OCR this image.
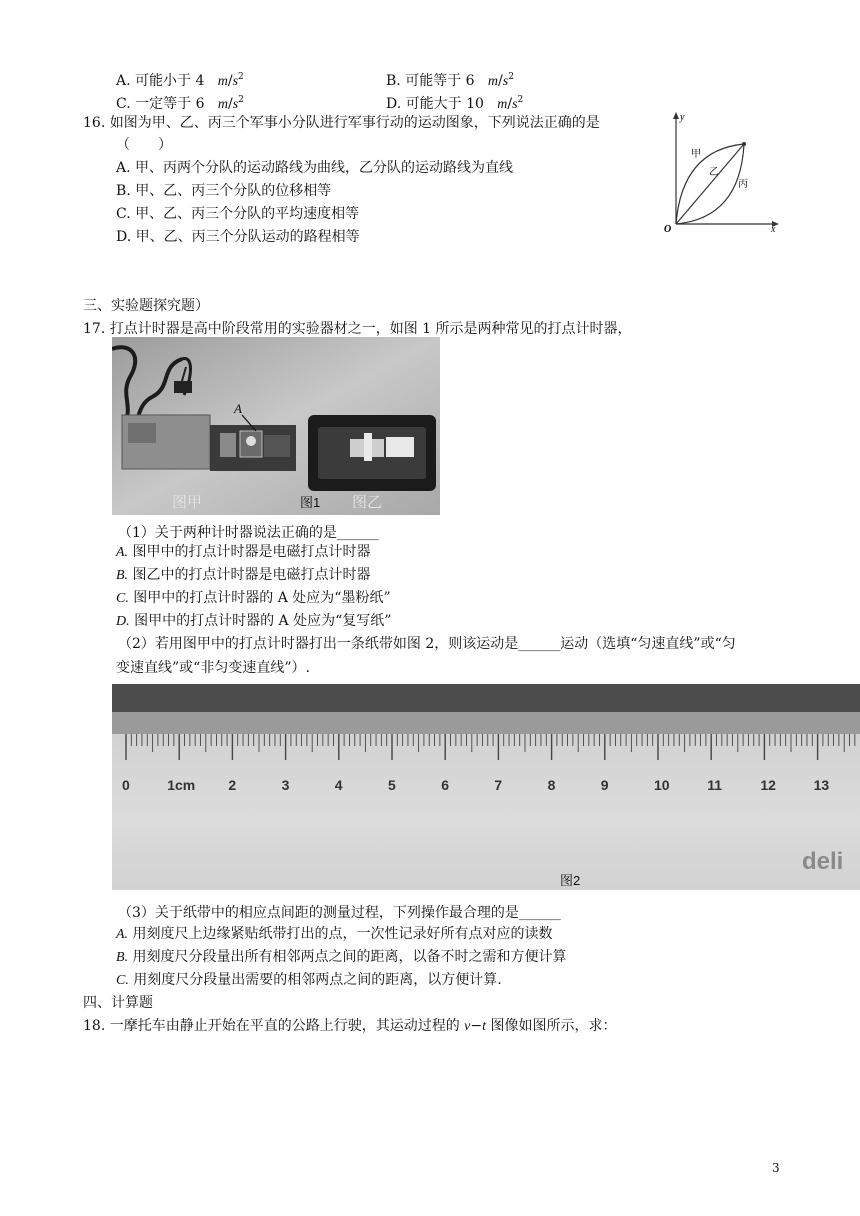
A. 可能小于 4 $m/s^2$	B. 可能等于 6 $m/s^2$
C. 一定等于 6 $m/s^2$	D. 可能大于 10 $m/s^2$
16. 如图为甲、乙、丙三个军事小分队进行军事行动的运动图象，下列说法正确的是
（　　）
A. 甲、丙两个分队的运动路线为曲线，乙分队的运动路线为直线
B. 甲、乙、丙三个分队的位移相等
C. 甲、乙、丙三个分队的平均速度相等
D. 甲、乙、丙三个分队运动的路程相等
y
x
O
甲
乙
丙
三、实验题探究题）
17. 打点计时器是高中阶段常用的实验器材之一，如图 1 所示是两种常见的打点计时器，
A
图甲	图1 图乙
（1）关于两种计时器说法正确的是______
A. 图甲中的打点计时器是电磁打点计时器
B. 图乙中的打点计时器是电磁打点计时器
C. 图甲中的打点计时器的 A 处应为“墨粉纸”
D. 图甲中的打点计时器的 A 处应为“复写纸”
（2）若用图甲中的打点计时器打出一条纸带如图 2，则该运动是______运动（选填“匀速直线”或“匀
变速直线”或“非匀变速直线”）.
0	1cm 2	3	4	5	6	7	8	9	10	11	12	13
deli
图2
（3）关于纸带中的相应点间距的测量过程，下列操作最合理的是______
A. 用刻度尺上边缘紧贴纸带打出的点，一次性记录好所有点对应的读数
B. 用刻度尺分段量出所有相邻两点之间的距离，以备不时之需和方便计算
C. 用刻度尺分段量出需要的相邻两点之间的距离，以方便计算.
四、计算题
18. 一摩托车由静止开始在平直的公路上行驶，其运动过程的 v−t 图像如图所示，求：
3
